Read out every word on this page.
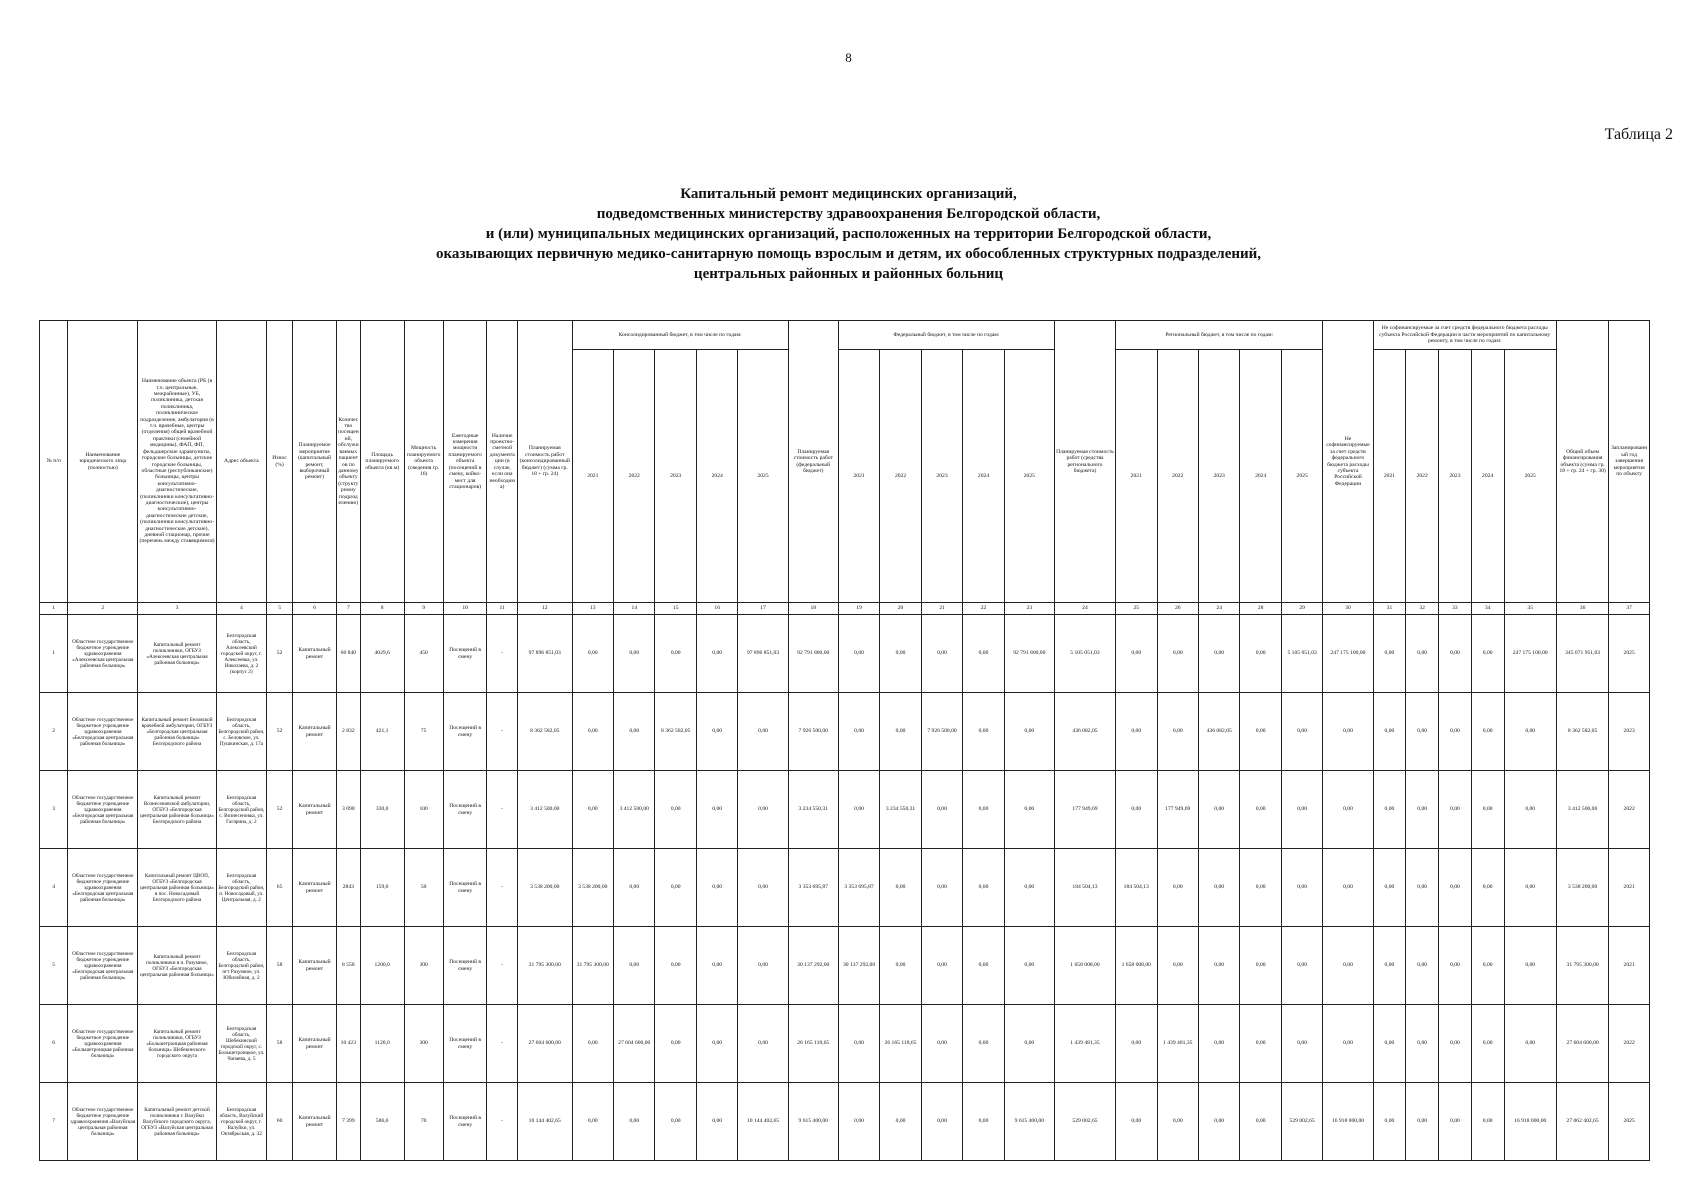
8
Таблица 2
Капитальный ремонт медицинских организаций,
подведомственных министерству здравоохранения Белгородской области,
и (или) муниципальных медицинских организаций, расположенных на территории Белгородской области,
оказывающих первичную медико-санитарную помощь взрослым и детям, их обособленных структурных подразделений,
центральных районных и районных больниц
№ п/п	Наименование юридического лица (полностью)	Наименование объекта (РБ (в т.ч. центральные, межрайонные), УБ, поликлиника, детская поликлиника, поликлиническое подразделение, амбулатория (в т.ч. врачебные, центры (отделения) общей врачебной практики (семейной медицины), ФАП, ФП, фельдшерские здравпункты, городские больницы, детские городские больницы, областные (республиканские) больницы, центры консультативно-диагностические, (поликлиники консультативно-диагностические), центры консультативно-диагностические детские, (поликлиники консультативно-диагностические детские), дневной стационар, прочие (перечень между ставящимися)	Адрес объекта	Износ (%)	Планируемое мероприятие (капитальный ремонт, выборочный ремонт)	Количество посещений, обслуживаемых пациентов по данному объекту (структурному подразделению)	Площадь планируемого объекта (кв.м)	Мощность планируемого объекта (сведения гр. 16)	Ежегодные измерения мощности планируемого объекта (посещений в смену, койко-мест для стационаров)	Наличие проектно-сметной документации (в случае, если она необходима)	Планируемая стоимость работ (консолидированный бюджет) (сумма гр. 18 + гр. 24)	Консолидированный бюджет, в том числе по годам:					Планируемая стоимость работ (федеральный бюджет)	Федеральный бюджет, в том числе по годам:					Планируемая стоимость работ (средства регионального бюджета)	Региональный бюджет, в том числе по годам:					Не софинансируемые за счет средств федерального бюджета расходы субъекта Российской Федерации	Не софинансируемые за счет средств федерального бюджета расходы субъекта Российской Федерации в части мероприятий по капитальному ремонту, в том числе по годам:					Общий объем финансирования объекта (сумма гр. 18 + гр. 24 + гр. 30)	Запланированный год завершения мероприятия по объекту
												2021	2022	2023	2024	2025		2021	2022	2023	2024	2025		2021	2022	2023	2024	2025		2021	2022	2023	2024	2025		
1	2	3	4	5	6	7	8	9	10	11	12	13	14	15	16	17	18	19	20	21	22	23	24	25	26	24	28	29	30	31	32	33	34	35	36	37
1	Областное государственное бюджетное учреждение здравоохранения «Алексеевская центральная районная больница»	Капитальный ремонт поликлиники, ОГБУЗ «Алексеевская центральная районная больница»	Белгородская область, Алексеевский городской округ, г. Алексеевка, ул. Николаева, д. 2 (корпус 2)	52	Капитальный ремонт	60 840	4029,6	450	Посещений в смену	-	97 896 851,03	0,00	0,00	0,00	0,00	97 896 851,03	92 791 800,00	0,00	0,00	0,00	0,00	92 791 800,00	5 105 051,03	0,00	0,00	0,00	0,00	5 105 051,03	247 175 100,00	0,00	0,00	0,00	0,00	247 175 100,00	345 071 951,03	2025
2	Областное государственное бюджетное учреждение здравоохранения «Белгородская центральная районная больница»	Капитальный ремонт Беловской врачебной амбулатории, ОГБУЗ «Белгородская центральная районная больница» Белгородского района	Белгородская область, Белгородский район, с. Беловское, ул. Пушкинская, д. 17а	52	Капитальный ремонт	2 832	421,1	75	Посещений в смену	-	8 362 582,05	0,00	0,00	8 362 582,05	0,00	0,00	7 926 500,00	0,00	0,00	7 926 500,00	0,00	0,00	436 082,05	0,00	0,00	436 082,05	0,00	0,00	0,00	0,00	0,00	0,00	0,00	0,00	8 362 582,05	2023
3	Областное государственное бюджетное учреждение здравоохранения «Белгородская центральная районная больница»	Капитальный ремонт Вознесеновской амбулатории, ОГБУЗ «Белгородская центральная районная больница» Белгородского района	Белгородская область, Белгородский район, с. Вознесеновка, ул. Гагарина, д. 2	52	Капитальный ремонт	3 098	330,0	100	Посещений в смену	-	3 412 500,00	0,00	3 412 500,00	0,00	0,00	0,00	3 234 550,31	0,00	3 234 550,31	0,00	0,00	0,00	177 949,69	0,00	177 949,69	0,00	0,00	0,00	0,00	0,00	0,00	0,00	0,00	0,00	3 412 500,00	2022
4	Областное государственное бюджетное учреждение здравоохранения «Белгородская центральная районная больница»	Капитальный ремонт ЦВОП, ОГБУЗ «Белгородская центральная районная больница» в пос. Новосадовый Белгородского района	Белгородская область, Белгородский район, п. Новосадовый, ул. Центральная, д. 2	65	Капитальный ремонт	2843	159,0	50	Посещений в смену	-	3 538 200,00	3 538 200,00	0,00	0,00	0,00	0,00	3 353 695,87	3 353 695,87	0,00	0,00	0,00	0,00	184 504,13	184 504,13	0,00	0,00	0,00	0,00	0,00	0,00	0,00	0,00	0,00	0,00	3 538 200,00	2021
5	Областное государственное бюджетное учреждение здравоохранения «Белгородская центральная районная больница»	Капитальный ремонт поликлиники в п. Разумное, ОГБУЗ «Белгородская центральная районная больница»	Белгородская область, Белгородский район, пгт Разумное, ул. Юбилейная, д. 2	58	Капитальный ремонт	8 558	1200,0	300	Посещений в смену	-	31 795 300,00	31 795 300,00	0,00	0,00	0,00	0,00	30 137 292,00	30 137 292,00	0,00	0,00	0,00	0,00	1 658 008,00	1 658 008,00	0,00	0,00	0,00	0,00	0,00	0,00	0,00	0,00	0,00	0,00	31 795 300,00	2021
6	Областное государственное бюджетное учреждение здравоохранения «Большетроицкая районная больница»	Капитальный ремонт поликлиники, ОГБУЗ «Большетроицкая районная больница» Шебекинского городского округа	Белгородская область, Шебекинский городской округ, с. Большетроицкое, ул. Чапаева, д. 5	58	Капитальный ремонт	10 423	1120,0	300	Посещений в смену	-	27 604 600,00	0,00	27 604 600,00	0,00	0,00	0,00	26 165 118,65	0,00	26 165 118,65	0,00	0,00	0,00	1 439 481,35	0,00	1 439 481,35	0,00	0,00	0,00	0,00	0,00	0,00	0,00	0,00	0,00	27 604 600,00	2022
7	Областное государственное бюджетное учреждение здравоохранения «Валуйская центральная районная больница»	Капитальный ремонт детской поликлиники г. Валуйки Валуйского городского округа, ОГБУЗ «Валуйская центральная районная больница»	Белгородская область, Валуйский городской округ, г. Валуйки, ул. Октябрьская, д. 32	60	Капитальный ремонт	7 399	586,6	70	Посещений в смену	-	10 144 402,65	0,00	0,00	0,00	0,00	10 144 402,65	9 615 400,00	0,00	0,00	0,00	0,00	9 615 400,00	529 002,65	0,00	0,00	0,00	0,00	529 002,65	16 918 000,00	0,00	0,00	0,00	0,00	16 918 000,00	27 062 402,65	2025
